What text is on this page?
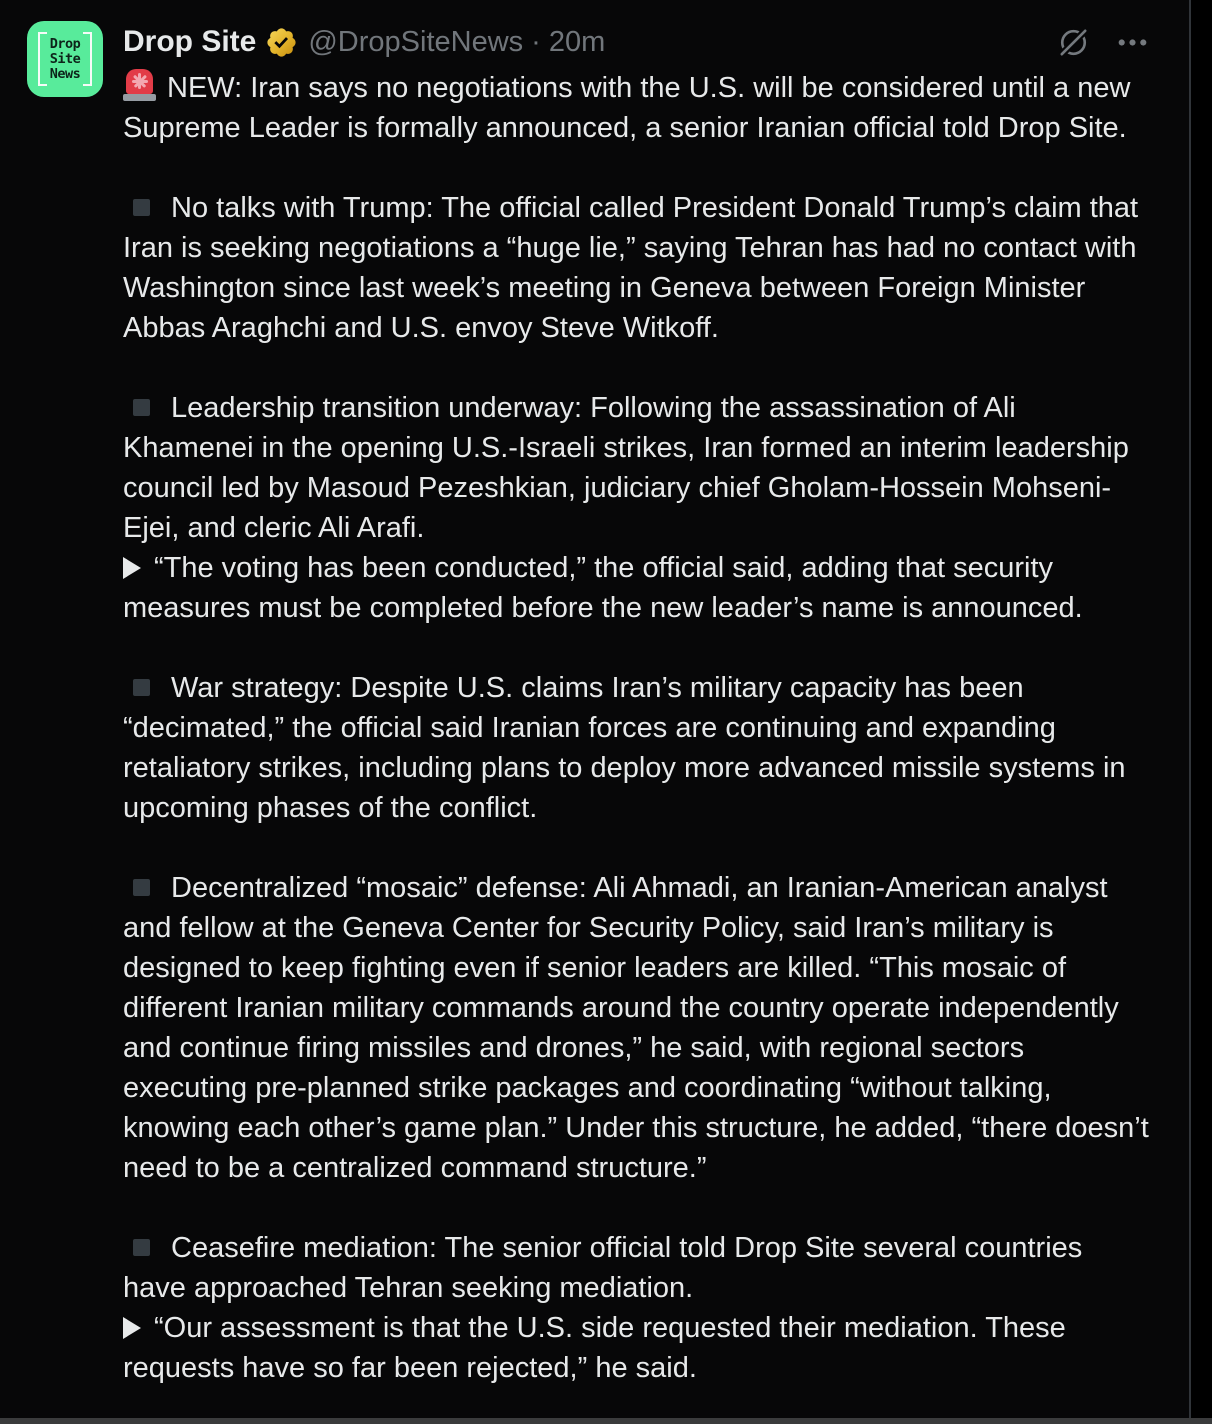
Drop
Site
News
Drop Site @DropSiteNews · 20m

NEW: Iran says no negotiations with the U.S. will be considered until a new Supreme Leader is formally announced, a senior Iranian official told Drop Site.

No talks with Trump: The official called President Donald Trump’s claim that Iran is seeking negotiations a “huge lie,” saying Tehran has had no contact with Washington since last week’s meeting in Geneva between Foreign Minister Abbas Araghchi and U.S. envoy Steve Witkoff.

Leadership transition underway: Following the assassination of Ali Khamenei in the opening U.S.-Israeli strikes, Iran formed an interim leadership council led by Masoud Pezeshkian, judiciary chief Gholam-Hossein Mohseni-Ejei, and cleric Ali Arafi.

“The voting has been conducted,” the official said, adding that security measures must be completed before the new leader’s name is announced.

War strategy: Despite U.S. claims Iran’s military capacity has been “decimated,” the official said Iranian forces are continuing and expanding retaliatory strikes, including plans to deploy more advanced missile systems in upcoming phases of the conflict.

Decentralized “mosaic” defense: Ali Ahmadi, an Iranian-American analyst and fellow at the Geneva Center for Security Policy, said Iran’s military is designed to keep fighting even if senior leaders are killed. “This mosaic of different Iranian military commands around the country operate independently and continue firing missiles and drones,” he said, with regional sectors executing pre-planned strike packages and coordinating “without talking, knowing each other’s game plan.” Under this structure, he added, “there doesn’t need to be a centralized command structure.”

Ceasefire mediation: The senior official told Drop Site several countries have approached Tehran seeking mediation.

“Our assessment is that the U.S. side requested their mediation. These requests have so far been rejected,” he said.
